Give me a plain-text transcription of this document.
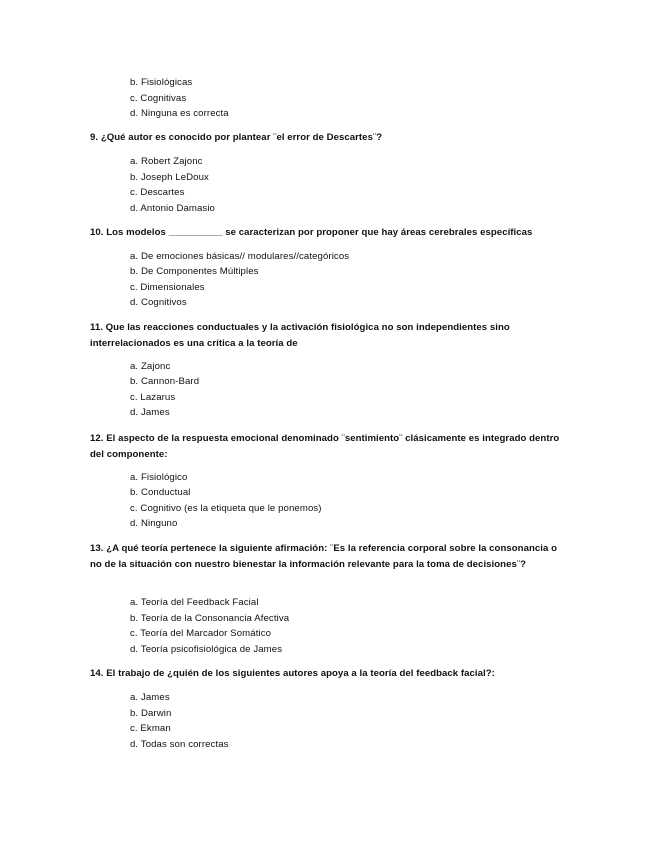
b. Fisiológicas
c. Cognitivas
d. Ninguna es correcta
9. ¿Qué autor es conocido por plantear ¨el error de Descartes¨?
a. Robert Zajonc
b. Joseph LeDoux
c. Descartes
d. Antonio Damasio
10. Los modelos __________ se caracterizan por proponer que hay áreas cerebrales específicas
a. De emociones básicas// modulares//categóricos
b. De Componentes Múltiples
c. Dimensionales
d. Cognitivos
11. Que las reacciones conductuales y la activación fisiológica no son independientes sino interrelacionados es una crítica a la teoría de
a. Zajonc
b. Cannon-Bard
c. Lazarus
d. James
12. El aspecto de la respuesta emocional denominado ¨sentimiento¨ clásicamente es integrado dentro del componente:
a. Fisiológico
b. Conductual
c. Cognitivo (es la etiqueta que le ponemos)
d. Ninguno
13. ¿A qué teoría pertenece la siguiente afirmación: ¨Es la referencia corporal sobre la consonancia o no de la situación con nuestro bienestar la información relevante para la toma de decisiones¨?
a. Teoría del Feedback Facial
b. Teoría de la Consonancia Afectiva
c. Teoría del Marcador Somático
d. Teoría psicofisiológica de James
14. El trabajo de ¿quién de los siguientes autores apoya a la teoría del feedback facial?:
a. James
b. Darwin
c. Ekman
d. Todas son correctas
